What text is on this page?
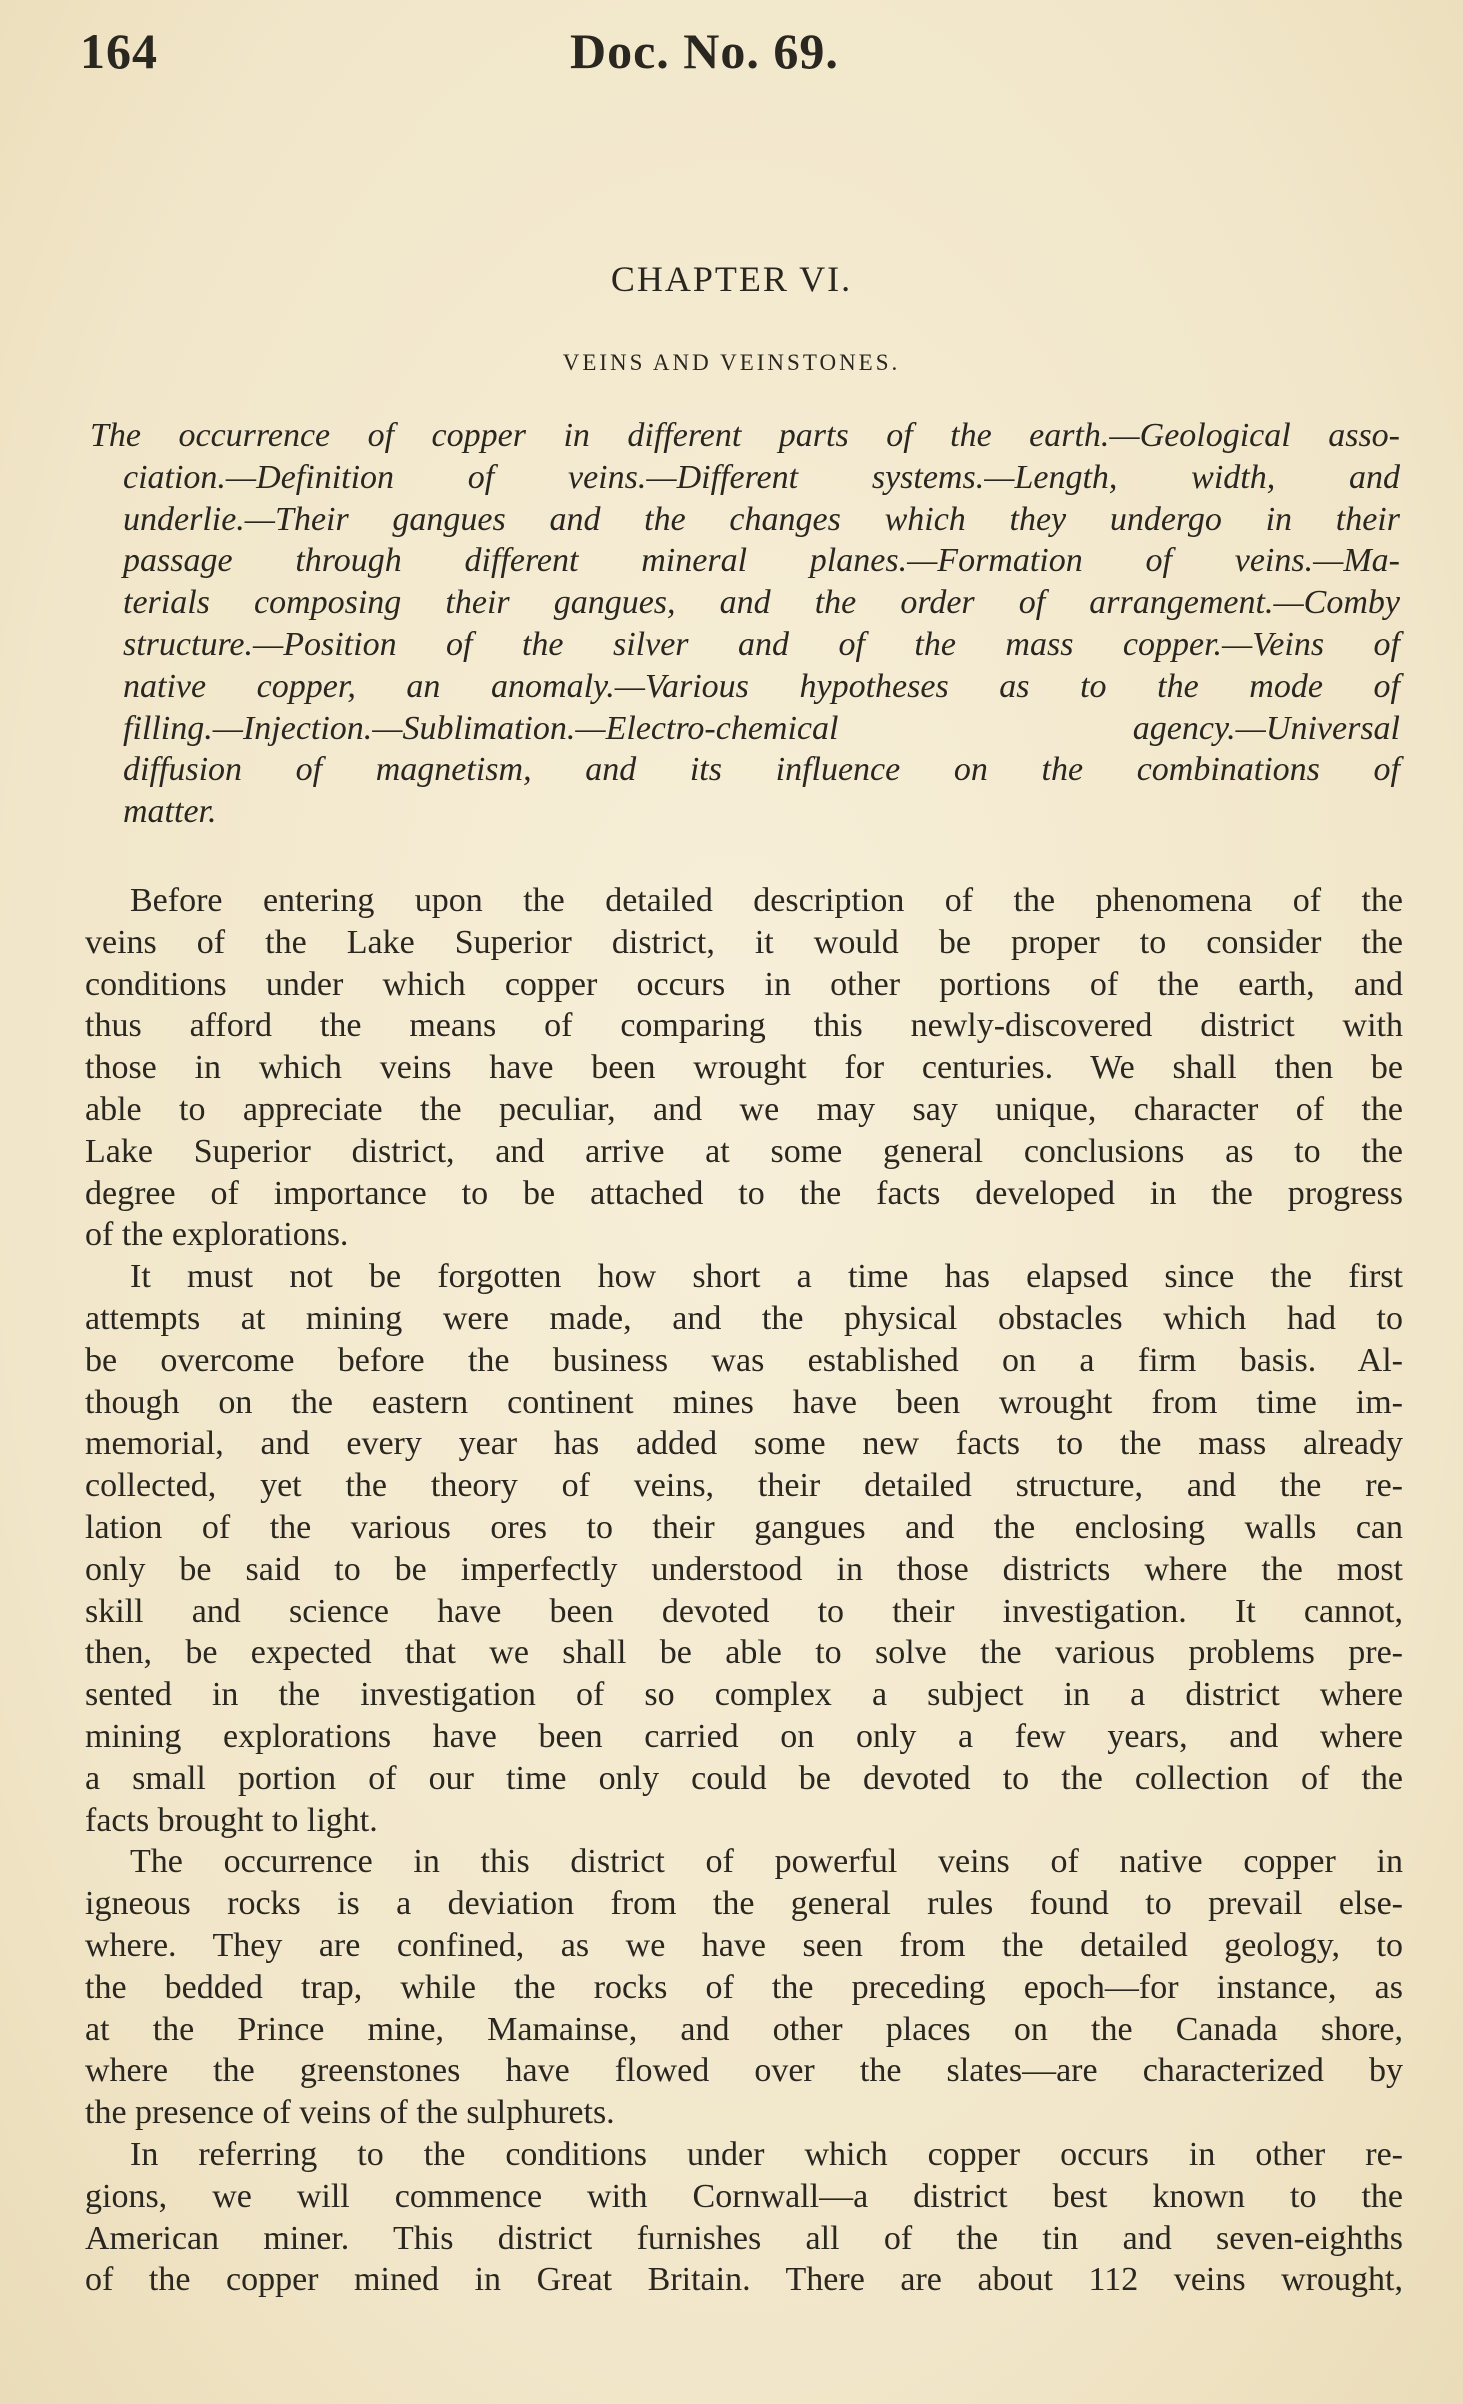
164	Doc. No. 69.
CHAPTER VI.
VEINS AND VEINSTONES.
The occurrence of copper in different parts of the earth.—Geological asso-
ciation.—Definition of veins.—Different systems.—Length, width, and
underlie.—Their gangues and the changes which they undergo in their
passage through different mineral planes.—Formation of veins.—Ma-
terials composing their gangues, and the order of arrangement.—Comby
structure.—Position of the silver and of the mass copper.—Veins of
native copper, an anomaly.—Various hypotheses as to the mode of
filling.—Injection.—Sublimation.—Electro-chemical agency.—Universal
diffusion of magnetism, and its influence on the combinations of
matter.
Before entering upon the detailed description of the phenomena of the
veins of the Lake Superior district, it would be proper to consider the
conditions under which copper occurs in other portions of the earth, and
thus afford the means of comparing this newly-discovered district with
those in which veins have been wrought for centuries. We shall then be
able to appreciate the peculiar, and we may say unique, character of the
Lake Superior district, and arrive at some general conclusions as to the
degree of importance to be attached to the facts developed in the progress
of the explorations.
It must not be forgotten how short a time has elapsed since the first
attempts at mining were made, and the physical obstacles which had to
be overcome before the business was established on a firm basis. Al-
though on the eastern continent mines have been wrought from time im-
memorial, and every year has added some new facts to the mass already
collected, yet the theory of veins, their detailed structure, and the re-
lation of the various ores to their gangues and the enclosing walls can
only be said to be imperfectly understood in those districts where the most
skill and science have been devoted to their investigation. It cannot,
then, be expected that we shall be able to solve the various problems pre-
sented in the investigation of so complex a subject in a district where
mining explorations have been carried on only a few years, and where
a small portion of our time only could be devoted to the collection of the
facts brought to light.
The occurrence in this district of powerful veins of native copper in
igneous rocks is a deviation from the general rules found to prevail else-
where. They are confined, as we have seen from the detailed geology, to
the bedded trap, while the rocks of the preceding epoch—for instance, as
at the Prince mine, Mamainse, and other places on the Canada shore,
where the greenstones have flowed over the slates—are characterized by
the presence of veins of the sulphurets.
In referring to the conditions under which copper occurs in other re-
gions, we will commence with Cornwall—a district best known to the
American miner. This district furnishes all of the tin and seven-eighths
of the copper mined in Great Britain. There are about 112 veins wrought,
